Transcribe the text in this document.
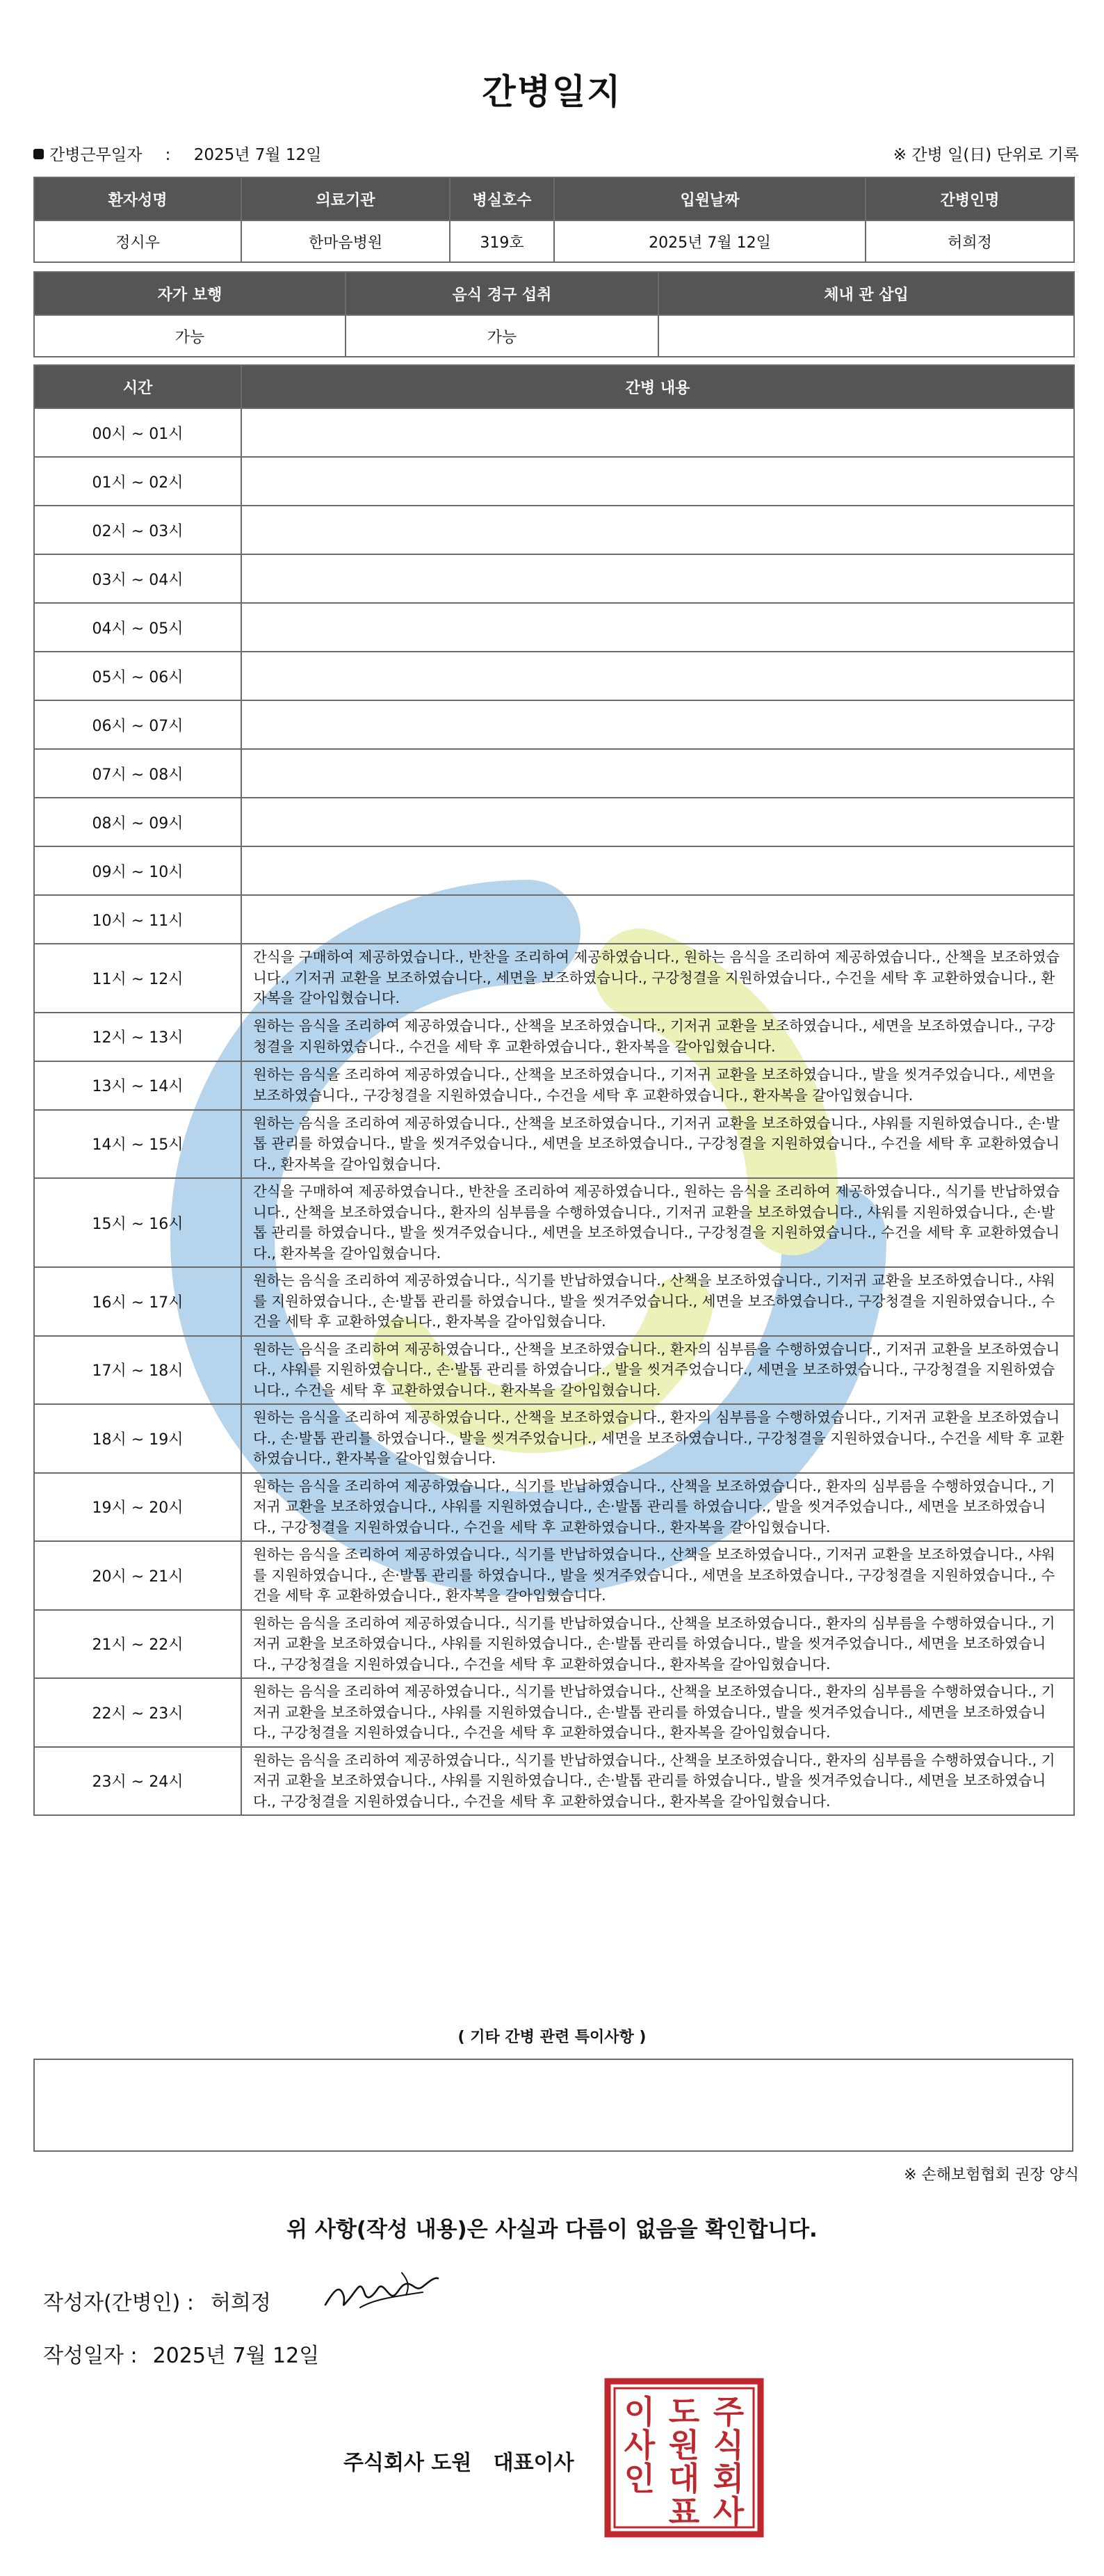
간병일지
간병근무일자 : 2025년 7월 12일	※ 간병 일(日) 단위로 기록
환자성명	의료기관	병실호수	입원날짜	간병인명
정시우	한마음병원	319호	2025년 7월 12일	허희정
자가 보행	음식 경구 섭취	체내 관 삽입
가능	가능	
시간	간병 내용
00시 ~ 01시	
01시 ~ 02시	
02시 ~ 03시	
03시 ~ 04시	
04시 ~ 05시	
05시 ~ 06시	
06시 ~ 07시	
07시 ~ 08시	
08시 ~ 09시	
09시 ~ 10시	
10시 ~ 11시	
11시 ~ 12시	간식을 구매하여 제공하였습니다., 반찬을 조리하여 제공하였습니다., 원하는 음식을 조리하여 제공하였습니다., 산책을 보조하였습니다., 기저귀 교환을 보조하였습니다., 세면을 보조하였습니다., 구강청결을 지원하였습니다., 수건을 세탁 후 교환하였습니다., 환자복을 갈아입혔습니다.
12시 ~ 13시	원하는 음식을 조리하여 제공하였습니다., 산책을 보조하였습니다., 기저귀 교환을 보조하였습니다., 세면을 보조하였습니다., 구강청결을 지원하였습니다., 수건을 세탁 후 교환하였습니다., 환자복을 갈아입혔습니다.
13시 ~ 14시	원하는 음식을 조리하여 제공하였습니다., 산책을 보조하였습니다., 기저귀 교환을 보조하였습니다., 발을 씻겨주었습니다., 세면을 보조하였습니다., 구강청결을 지원하였습니다., 수건을 세탁 후 교환하였습니다., 환자복을 갈아입혔습니다.
14시 ~ 15시	원하는 음식을 조리하여 제공하였습니다., 산책을 보조하였습니다., 기저귀 교환을 보조하였습니다., 샤워를 지원하였습니다., 손·발톱 관리를 하였습니다., 발을 씻겨주었습니다., 세면을 보조하였습니다., 구강청결을 지원하였습니다., 수건을 세탁 후 교환하였습니다., 환자복을 갈아입혔습니다.
15시 ~ 16시	간식을 구매하여 제공하였습니다., 반찬을 조리하여 제공하였습니다., 원하는 음식을 조리하여 제공하였습니다., 식기를 반납하였습니다., 산책을 보조하였습니다., 환자의 심부름을 수행하였습니다., 기저귀 교환을 보조하였습니다., 샤워를 지원하였습니다., 손·발톱 관리를 하였습니다., 발을 씻겨주었습니다., 세면을 보조하였습니다., 구강청결을 지원하였습니다., 수건을 세탁 후 교환하였습니다., 환자복을 갈아입혔습니다.
16시 ~ 17시	원하는 음식을 조리하여 제공하였습니다., 식기를 반납하였습니다., 산책을 보조하였습니다., 기저귀 교환을 보조하였습니다., 샤워를 지원하였습니다., 손·발톱 관리를 하였습니다., 발을 씻겨주었습니다., 세면을 보조하였습니다., 구강청결을 지원하였습니다., 수건을 세탁 후 교환하였습니다., 환자복을 갈아입혔습니다.
17시 ~ 18시	원하는 음식을 조리하여 제공하였습니다., 산책을 보조하였습니다., 환자의 심부름을 수행하였습니다., 기저귀 교환을 보조하였습니다., 샤워를 지원하였습니다., 손·발톱 관리를 하였습니다., 발을 씻겨주었습니다., 세면을 보조하였습니다., 구강청결을 지원하였습니다., 수건을 세탁 후 교환하였습니다., 환자복을 갈아입혔습니다.
18시 ~ 19시	원하는 음식을 조리하여 제공하였습니다., 산책을 보조하였습니다., 환자의 심부름을 수행하였습니다., 기저귀 교환을 보조하였습니다., 손·발톱 관리를 하였습니다., 발을 씻겨주었습니다., 세면을 보조하였습니다., 구강청결을 지원하였습니다., 수건을 세탁 후 교환하였습니다., 환자복을 갈아입혔습니다.
19시 ~ 20시	원하는 음식을 조리하여 제공하였습니다., 식기를 반납하였습니다., 산책을 보조하였습니다., 환자의 심부름을 수행하였습니다., 기저귀 교환을 보조하였습니다., 샤워를 지원하였습니다., 손·발톱 관리를 하였습니다., 발을 씻겨주었습니다., 세면을 보조하였습니다., 구강청결을 지원하였습니다., 수건을 세탁 후 교환하였습니다., 환자복을 갈아입혔습니다.
20시 ~ 21시	원하는 음식을 조리하여 제공하였습니다., 식기를 반납하였습니다., 산책을 보조하였습니다., 기저귀 교환을 보조하였습니다., 샤워를 지원하였습니다., 손·발톱 관리를 하였습니다., 발을 씻겨주었습니다., 세면을 보조하였습니다., 구강청결을 지원하였습니다., 수건을 세탁 후 교환하였습니다., 환자복을 갈아입혔습니다.
21시 ~ 22시	원하는 음식을 조리하여 제공하였습니다., 식기를 반납하였습니다., 산책을 보조하였습니다., 환자의 심부름을 수행하였습니다., 기저귀 교환을 보조하였습니다., 샤워를 지원하였습니다., 손·발톱 관리를 하였습니다., 발을 씻겨주었습니다., 세면을 보조하였습니다., 구강청결을 지원하였습니다., 수건을 세탁 후 교환하였습니다., 환자복을 갈아입혔습니다.
22시 ~ 23시	원하는 음식을 조리하여 제공하였습니다., 식기를 반납하였습니다., 산책을 보조하였습니다., 환자의 심부름을 수행하였습니다., 기저귀 교환을 보조하였습니다., 샤워를 지원하였습니다., 손·발톱 관리를 하였습니다., 발을 씻겨주었습니다., 세면을 보조하였습니다., 구강청결을 지원하였습니다., 수건을 세탁 후 교환하였습니다., 환자복을 갈아입혔습니다.
23시 ~ 24시	원하는 음식을 조리하여 제공하였습니다., 식기를 반납하였습니다., 산책을 보조하였습니다., 환자의 심부름을 수행하였습니다., 기저귀 교환을 보조하였습니다., 샤워를 지원하였습니다., 손·발톱 관리를 하였습니다., 발을 씻겨주었습니다., 세면을 보조하였습니다., 구강청결을 지원하였습니다., 수건을 세탁 후 교환하였습니다., 환자복을 갈아입혔습니다.
( 기타 간병 관련 특이사항 )
※ 손해보험협회 권장 양식
위 사항(작성 내용)은 사실과 다름이 없음을 확인합니다.
작성자(간병인) : 허희정
작성일자 : 2025년 7월 12일
주식회사 도원   대표이사
주
식
회
사
도
원
대
표
이
사
인
